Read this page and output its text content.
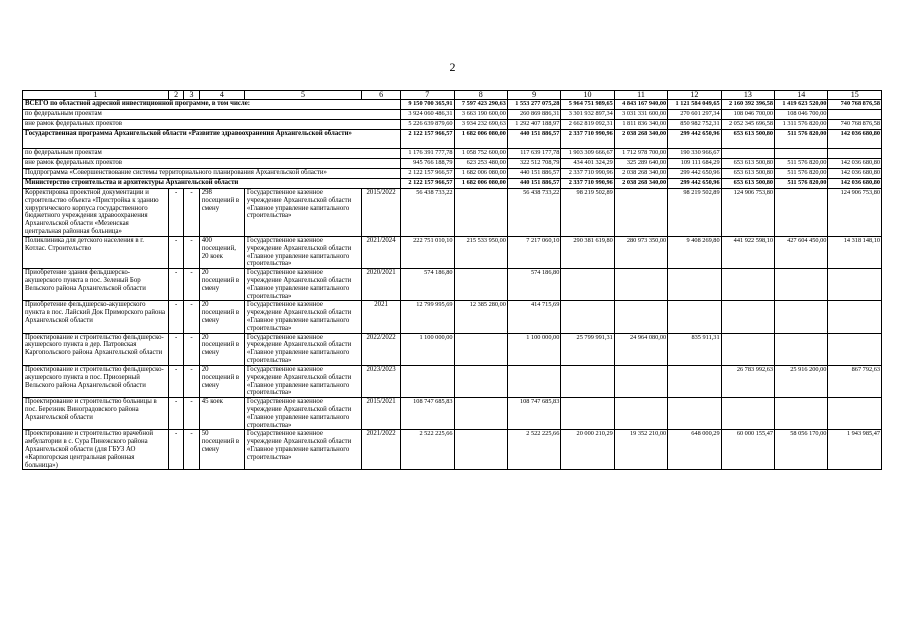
2
1	2	3	4	5	6	7	8	9	10	11	12	13	14	15
ВСЕГО по областной адресной инвестиционной программе, в том числе:						9 150 700 365,91	7 597 423 290,63	1 553 277 075,28	5 964 751 989,65	4 843 167 940,00	1 121 584 049,65	2 160 392 396,58	1 419 623 520,00	740 768 876,58
по федеральным проектам						3 924 060 486,31	3 663 190 600,00	260 869 886,31	3 301 932 897,34	3 031 331 600,00	270 601 297,34	108 046 700,00	108 046 700,00	
вне рамок федеральных проектов						5 226 639 879,60	3 934 232 690,63	1 292 407 188,97	2 662 819 092,31	1 811 836 340,00	850 982 752,31	2 052 345 696,58	1 311 576 820,00	740 768 876,58
Государственная программа Архангельской области «Развитие здравоохранения Архангельской области»						2 122 157 966,57	1 682 006 080,00	440 151 886,57	2 337 710 990,96	2 038 268 340,00	299 442 650,96	653 613 500,80	511 576 820,00	142 036 680,80
по федеральным проектам						1 176 391 777,78	1 058 752 600,00	117 639 177,78	1 903 309 666,67	1 712 978 700,00	190 330 966,67			
вне рамок федеральных проектов						945 766 188,79	623 253 480,00	322 512 708,79	434 401 324,29	325 289 640,00	109 111 684,29	653 613 500,80	511 576 820,00	142 036 680,80
Подпрограмма «Совершенствование системы территориального планирования Архангельской области»						2 122 157 966,57	1 682 006 080,00	440 151 886,57	2 337 710 990,96	2 038 268 340,00	299 442 650,96	653 613 500,80	511 576 820,00	142 036 680,80
Министерство строительства и архитектуры Архангельской области						2 122 157 966,57	1 682 006 080,00	440 151 886,57	2 337 710 990,96	2 038 268 340,00	299 442 650,96	653 613 500,80	511 576 820,00	142 036 680,80
Корректировка проектной документации и строительство объекта «Пристройка к зданию хирургического корпуса государственного бюджетного учреждения здравоохранения Архангельской области «Мезенская центральная районная больница»	-	-	298 посещений в смену	Государственное казенное учреждение Архангельской области «Главное управление капитального строительства»	2015/2022	56 438 733,22		56 438 733,22	98 219 502,89		98 219 502,89	124 906 753,80		124 906 753,80
Поликлиника для детского населения в г. Котлас. Строительство	-	-	400 посещений, 20 коек	Государственное казенное учреждение Архангельской области «Главное управление капитального строительства»	2021/2024	222 751 010,10	215 533 950,00	7 217 060,10	290 381 619,80	280 973 350,00	9 408 269,80	441 922 598,10	427 604 450,00	14 318 148,10
Приобретение здания фельдшерско-акушерского пункта в пос. Зеленый Бор Вельского района Архангельской области	-	-	20 посещений в смену	Государственное казенное учреждение Архангельской области «Главное управление капитального строительства»	2020/2021	574 186,80		574 186,80						
Приобретение фельдшерско-акушерского пункта в пос. Лайский Док Приморского района Архангельской области	-	-	20 посещений в смену	Государственное казенное учреждение Архангельской области «Главное управление капитального строительства»	2021	12 799 995,69	12 385 280,00	414 715,69						
Проектирование и строительство фельдшерско-акушерского пункта в дер. Патровская Каргопольского района Архангельской области	-	-	20 посещений в смену	Государственное казенное учреждение Архангельской области «Главное управление капитального строительства»	2022/2022	1 100 000,00		1 100 000,00	25 799 991,31	24 964 080,00	835 911,31			
Проектирование и строительство фельдшерско-акушерского пункта в пос. Приозерный Вельского района Архангельской области	-	-	20 посещений в смену	Государственное казенное учреждение Архангельской области «Главное управление капитального строительства»	2023/2023							26 783 992,63	25 916 200,00	867 792,63
Проектирование и строительство больницы в пос. Березник Виноградовского района Архангельской области	-	-	45 коек	Государственное казенное учреждение Архангельской области «Главное управление капитального строительства»	2015/2021	108 747 685,83		108 747 685,83						
Проектирование и строительство врачебной амбулатории в с. Сура Пинежского района Архангельской области (для ГБУЗ АО «Карпогорская центральная районная больница»)	-	-	50 посещений в смену	Государственное казенное учреждение Архангельской области «Главное управление капитального строительства»	2021/2022	2 522 225,66		2 522 225,66	20 000 210,29	19 352 210,00	648 000,29	60 000 155,47	58 056 170,00	1 943 985,47
